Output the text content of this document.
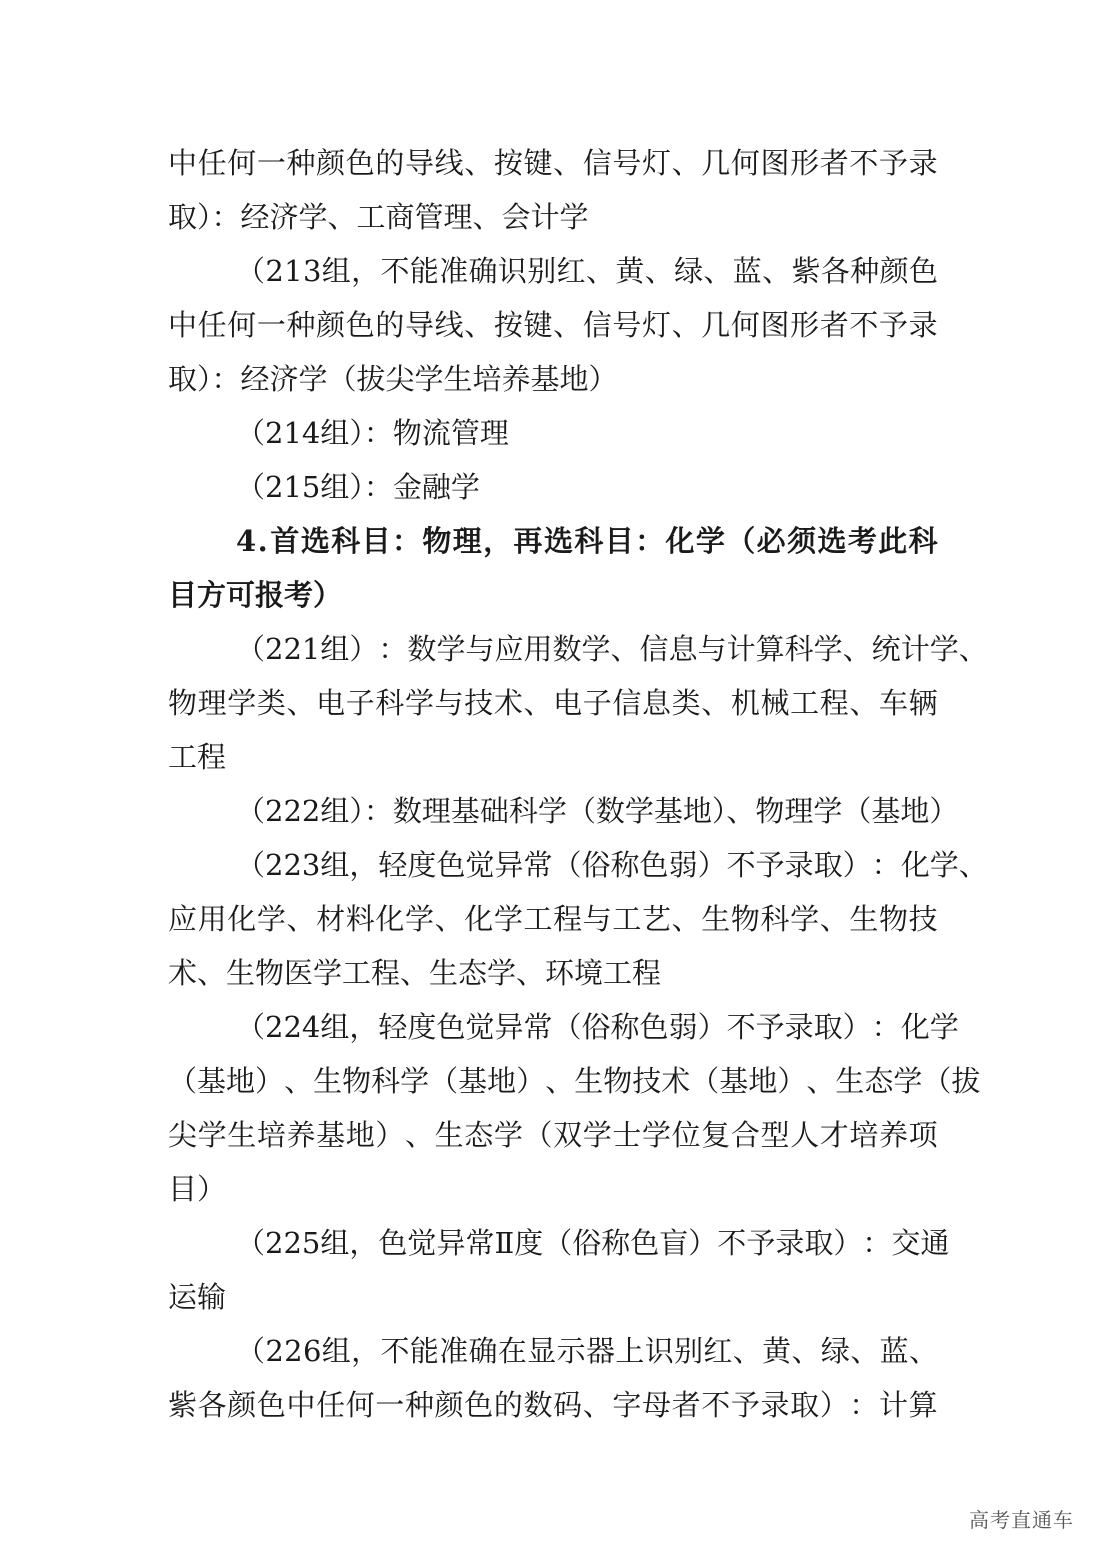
中 任 何 一 种 颜 色 的 导 线 、 按 键 、 信 号 灯 、 几 何 图 形 者 不 予 录
取）：经济学、工商管理、会计学
（ 2 1 3 组 ， 不 能 准 确 识 别 红 、 黄 、 绿 、 蓝 、 紫 各 种 颜 色
中 任 何 一 种 颜 色 的 导 线 、 按 键 、 信 号 灯 、 几 何 图 形 者 不 予 录
取）：经济学（拔尖学生培养基地）
（214组）：物流管理
（215组）：金融学
4 . 首 选 科 目 ： 物 理 ， 再 选 科 目 ： 化 学 （ 必 须 选 考 此 科
目方可报考）
（ 2 2 1 组 ） ： 数 学 与 应 用 数 学 、 信 息 与 计 算 科 学 、 统 计 学 、
物 理 学 类 、 电 子 科 学 与 技 术 、 电 子 信 息 类 、 机 械 工 程 、 车 辆
工程
（222组）：数理基础科学（数学基地）、物理学（基地）
（ 2 2 3 组 ， 轻 度 色 觉 异 常 （ 俗 称 色 弱 ） 不 予 录 取 ） ： 化 学 、
应 用 化 学 、 材 料 化 学 、 化 学 工 程 与 工 艺 、 生 物 科 学 、 生 物 技
术、生物医学工程、生态学、环境工程
（ 2 2 4 组 ， 轻 度 色 觉 异 常 （ 俗 称 色 弱 ） 不 予 录 取 ） ： 化 学
（ 基 地 ） 、 生 物 科 学 （ 基 地 ） 、 生 物 技 术 （ 基 地 ） 、 生 态 学 （ 拔
尖 学 生 培 养 基 地 ） 、 生 态 学 （ 双 学 士 学 位 复 合 型 人 才 培 养 项
目）
（ 2 2 5 组 ， 色 觉 异 常 Ⅱ 度 （ 俗 称 色 盲 ） 不 予 录 取 ） ： 交 通
运输
（ 2 2 6 组 ， 不 能 准 确 在 显 示 器 上 识 别 红 、 黄 、 绿 、 蓝 、
紫 各 颜 色 中 任 何 一 种 颜 色 的 数 码 、 字 母 者 不 予 录 取 ） ： 计 算
高考直通车
